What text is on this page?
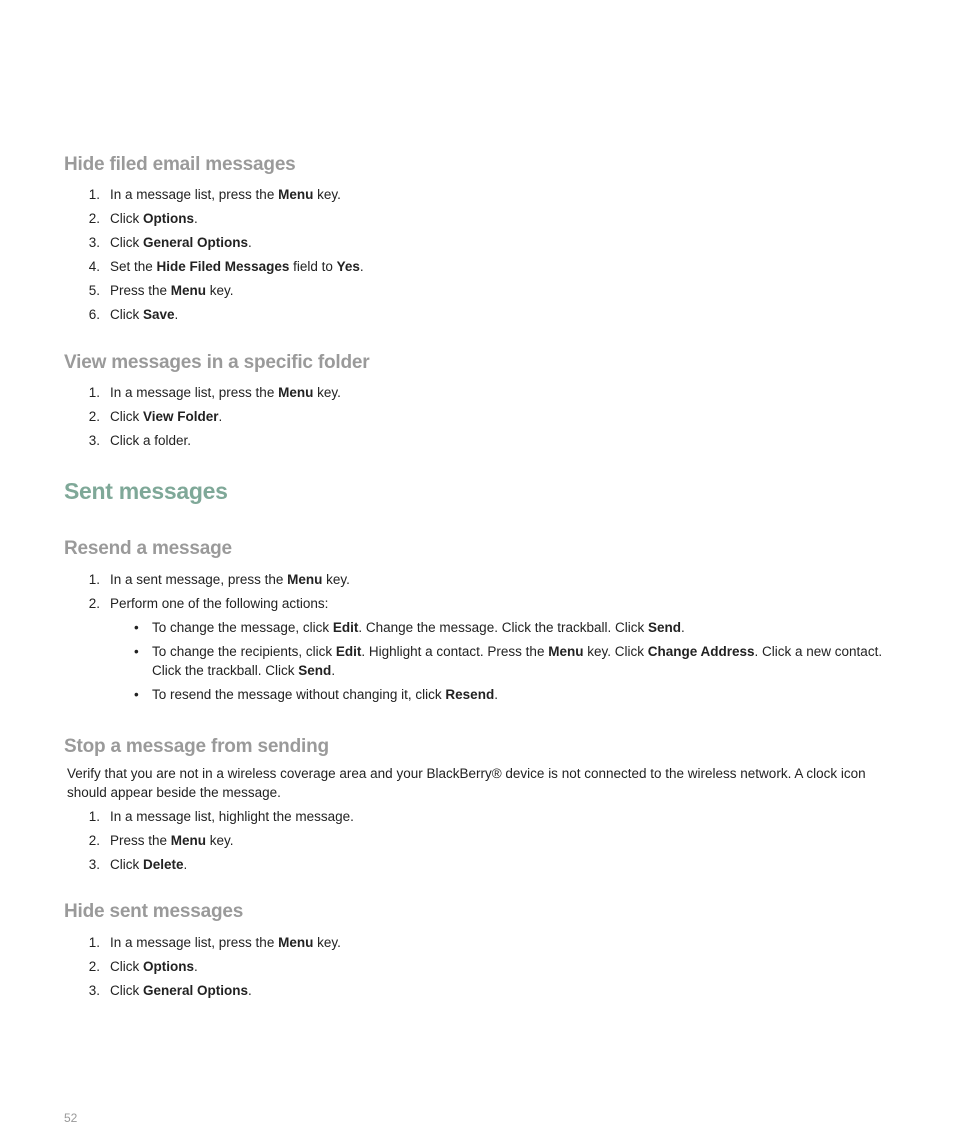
Hide filed email messages
1. In a message list, press the Menu key.
2. Click Options.
3. Click General Options.
4. Set the Hide Filed Messages field to Yes.
5. Press the Menu key.
6. Click Save.
View messages in a specific folder
1. In a message list, press the Menu key.
2. Click View Folder.
3. Click a folder.
Sent messages
Resend a message
1. In a sent message, press the Menu key.
2. Perform one of the following actions:
• To change the message, click Edit. Change the message. Click the trackball. Click Send.
• To change the recipients, click Edit. Highlight a contact. Press the Menu key. Click Change Address. Click a new contact. Click the trackball. Click Send.
• To resend the message without changing it, click Resend.
Stop a message from sending

Verify that you are not in a wireless coverage area and your BlackBerry® device is not connected to the wireless network. A clock icon should appear beside the message.

1. In a message list, highlight the message.
2. Press the Menu key.
3. Click Delete.
Hide sent messages
1. In a message list, press the Menu key.
2. Click Options.
3. Click General Options.
52
